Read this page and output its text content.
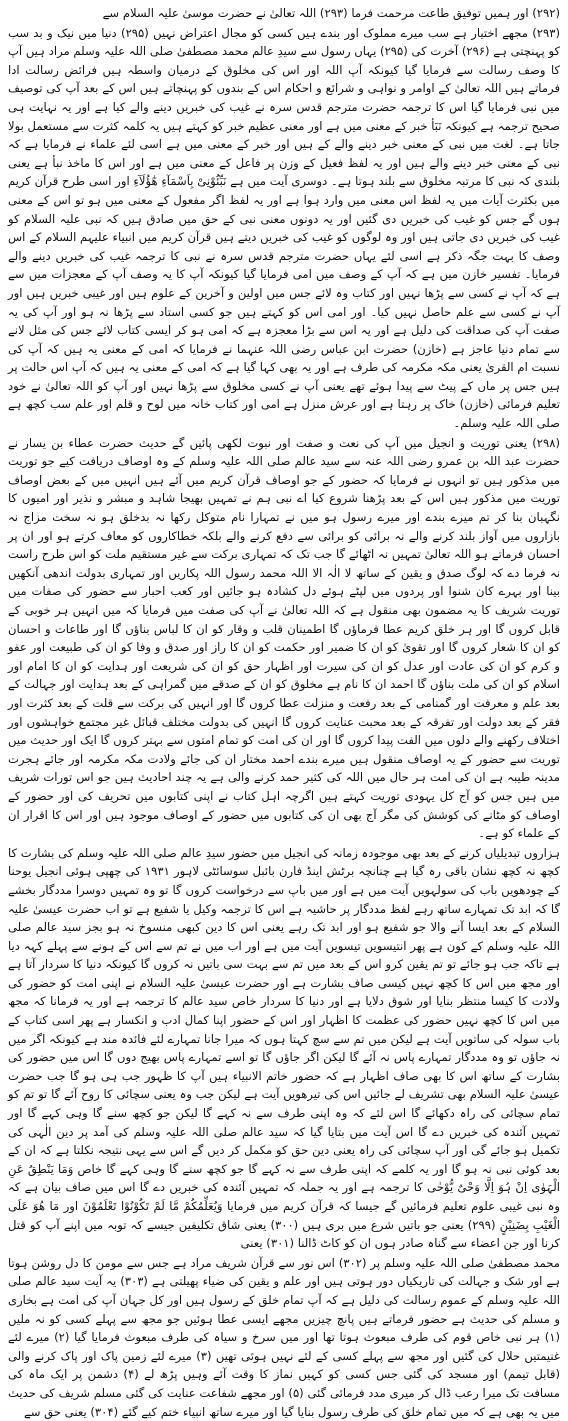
(۲۹۲) اور ہمیں توفیق طاعت مرحمت فرما (۲۹۳) اللہ تعالیٰ نے حضرت موسیٰ علیہ السلام سے

(۲۹۳) مجھے اختیار ہے سب میرے مملوک اور بندے ہیں کسی کو مجال اعتراض نہیں (۲۹۵) دنیا میں نیک و بد سب کو پہنچتی ہے (۲۹۶) آخرت کی (۲۹۵) یہاں رسول سے سیدِ عالم محمد مصطفیٰ صلی اللہ علیہ وسلم مراد ہیں آپ کا وصف رسالت سے فرمایا گیا کیونکہ آپ اللہ اور اس کی مخلوق کے درمیان واسطہ ہیں فرائض رسالت ادا فرماتے ہیں اللہ تعالیٰ کے اوامر و نواہی و شرائع و احکام اس کے بندوں کو پہنچاتے ہیں اس کے بعد آپ کی توصیف میں نبی فرمایا گیا اس کا ترجمہ حضرت مترجم قدس سرہ نے غیب کی خبریں دینے والے کیا ہے اور یہ نہایت ہی صحیح ترجمہ ہے کیونکہ نَبَأ خبر کے معنی میں ہے اور معنی عظیم خبر کو کہتے ہیں یہ کلمہ کثرت سے مستعمل بولا جاتا ہے۔ لغت میں نبی کے معنی خبر دینے والے کے ہیں اور خبر کے معنی میں ہے اسی لئے علماء نے فرمایا ہے کہ نبی کے معنی خبر دینے والے ہیں اور یہ لفظ فعیل کے وزن پر فاعل کے معنی میں ہے اور اس کا ماخذ نبأ ہے یعنی بلندی کہ نبی کا مرتبہ مخلوق سے بلند ہوتا ہے۔ دوسری آیت میں ہے نَبِّئُوْنِیْ بِاَسْمَآءِ ھٰٓؤُلَآءِ اور اسی طرح قرآن کریم میں بکثرت آیات میں یہ لفظ اس معنی میں وارد ہوا ہے اور یہ لفظ اگر مفعول کے معنی میں ہو تو اس کے معنی ہوں گے جس کو غیب کی خبریں دی گئیں اور یہ دونوں معنی نبی کے حق میں صادق ہیں کہ نبی علیہ السلام کو غیب کی خبریں دی جاتی ہیں اور وہ لوگوں کو غیب کی خبریں دیتے ہیں قرآن کریم میں انبیاء علیہم السلام کے اس وصف کا بہت جگہ ذکر ہے اسی لئے یہاں حضرت مترجم قدس سرہ نے نبی کا ترجمہ غیب کی خبریں دینے والے فرمایا۔ تفسیر خازن میں ہے کہ آپ کے وصف میں امی فرمایا گیا کیونکہ آپ کا یہ وصف آپ کے معجزات میں سے ہے کہ آپ نے کسی سے پڑھا نہیں اور کتاب وہ لائے جس میں اولین و آخرین کے علوم ہیں اور غیبی خبریں ہیں اور آپ نے کسی سے علم حاصل نہیں کیا۔ اور امی اس کو کہتے ہیں جو کسی استاد سے پڑھا نہ ہو اور آپ کی یہ صفت آپ کی صداقت کی دلیل ہے اور یہ اس سے بڑا معجزہ ہے کہ امی ہو کر ایسی کتاب لائے جس کی مثل لانے سے تمام دنیا عاجز ہے (خازن) حضرت ابن عباس رضی اللہ عنہما نے فرمایا کہ امی کے معنی یہ ہیں کہ آپ کی نسبت ام القریٰ یعنی مکہ مکرمہ کی طرف ہے اور یہ بھی کہا گیا ہے کہ امی کے معنی یہ ہیں کہ آپ اس حالت پر ہیں جس پر ماں کے پیٹ سے پیدا ہوئے تھے یعنی آپ نے کسی مخلوق سے پڑھا نہیں اور آپ کو اللہ تعالیٰ نے خود تعلیم فرمائی (خازن) خاک پر رہتا ہے اور عرش منزل ہے امی اور کتاب خانہ میں لوح و قلم اور علم سب کچھ ہے صلی اللہ علیہ وسلم۔

(۲۹۸) یعنی توریت و انجیل میں آپ کی نعت و صفت اور نبوت لکھی پائیں گے حدیث حضرت عطاء بن یسار نے حضرت عبد اللہ بن عمرو رضی اللہ عنہ سے سید عالم صلی اللہ علیہ وسلم کے وہ اوصاف دریافت کیے جو توریت میں مذکور ہیں تو انہوں نے فرمایا کہ حضور کے جو اوصاف قرآن کریم میں آئے ہیں انہیں میں کے بعض اوصاف توریت میں مذکور ہیں اس کے بعد پڑھنا شروع کیا اے نبی ہم نے تمہیں بھیجا شاہد و مبشر و نذیر اور امیوں کا نگہبان بنا کر تم میرے بندے اور میرے رسول ہو میں نے تمہارا نام متوکل رکھا نہ بدخلق ہو نہ سخت مزاج نہ بازاروں میں آواز بلند کرنے والے نہ برائی کو برائی سے دفع کرنے والے بلکہ خطاکاروں کو معاف کرتے ہو اور ان پر احسان فرماتے ہو اللہ تعالیٰ تمہیں نہ اٹھائے گا جب تک کہ تمہاری برکت سے غیر مستقیم ملت کو اس طرح راست نہ فرما دے کہ لوگ صدق و یقین کے ساتھ لا الٰہ الا اللہ محمد رسول اللہ پکاریں اور تمہاری بدولت اندھی آنکھیں بینا اور بہرے کان شنوا اور پردوں میں لپٹے ہوئے دل کشادہ ہو جائیں اور کعب احبار سے حضور کی صفات میں توریت شریف کا یہ مضمون بھی منقول ہے کہ اللہ تعالیٰ نے آپ کی صفت میں فرمایا کہ میں انہیں ہر خوبی کے قابل کروں گا اور ہر خلق کریم عطا فرماؤں گا اطمینان قلب و وقار کو ان کا لباس بناؤں گا اور طاعات و احسان کو ان کا شعار کروں گا اور تقویٰ کو ان کا ضمیر اور حکمت کو ان کا راز اور صدق و وفا کو ان کی طبیعت اور عفو و کرم کو ان کی عادت اور عدل کو ان کی سیرت اور اظہار حق کو ان کی شریعت اور ہدایت کو ان کا امام اور اسلام کو ان کی ملت بناؤں گا احمد ان کا نام ہے مخلوق کو ان کے صدقے میں گمراہی کے بعد ہدایت اور جہالت کے بعد علم و معرفت اور گمنامی کے بعد رفعت و منزلت عطا کروں گا اور انہیں کی برکت سے قلت کے بعد کثرت اور فقر کے بعد دولت اور تفرقہ کے بعد محبت عنایت کروں گا انہیں کی بدولت مختلف قبائل غیر مجتمع خواہشوں اور اختلاف رکھنے والے دلوں میں الفت پیدا کروں گا اور ان کی امت کو تمام امتوں سے بہتر کروں گا ایک اور حدیث میں توریت سے حضور کے یہ اوصاف منقول ہیں میرے بندے احمد مختار ان کی جائے ولادت مکہ مکرمہ اور جائے ہجرت مدینہ طیبہ ہے ان کی امت ہر حال میں اللہ کی کثیر حمد کرنے والی ہے یہ چند احادیث ہیں جو اس تورات شریف میں ہیں جس کو آج کل یہودی توریت کہتے ہیں اگرچہ اہل کتاب نے اپنی کتابوں میں تحریف کی اور حضور کے اوصاف کو مٹانے کی کوشش کی مگر آج بھی ان کی کتابوں میں حضور کے اوصاف موجود ہیں اور اس کا اقرار ان کے علماء کو ہے۔

ہزاروں تبدیلیاں کرنے کے بعد بھی موجودہ زمانہ کی انجیل میں حضور سیدِ عالم صلی اللہ علیہ وسلم کی بشارت کا کچھ نہ کچھ نشان باقی رہ گیا ہے چنانچہ برٹش اینڈ فارن بائبل سوسائٹی لاہور ۱۹۳۱ کی چھپی ہوئی انجیل یوحنا کے چودھویں باب کی سولہویں آیت میں ہے اور میں باپ سے درخواست کروں گا تو وہ تمہیں دوسرا مددگار بخشے گا کہ ابد تک تمہارے ساتھ رہے لفظ مددگار پر حاشیہ ہے اس کا ترجمہ وکیل یا شفیع ہے تو اب حضرت عیسیٰ علیہ السلام کے بعد ایسا آنے والا جو شفیع ہو اور ابد تک رہے یعنی اس کا دین کبھی منسوخ نہ ہو بجز سید عالم صلی اللہ علیہ وسلم کے کون ہے پھر انتیسویں تیسویں آیت میں ہے اور اب میں نے تم سے اس کے ہونے سے پہلے کہہ دیا ہے تاکہ جب ہو جائے تو تم یقین کرو اس کے بعد میں تم سے بہت سی باتیں نہ کروں گا کیونکہ دنیا کا سردار آتا ہے اور مجھ میں اس کا کچھ نہیں کیسی صاف بشارت ہے اور حضرت عیسیٰ علیہ السلام نے اپنی امت کو حضور کی ولادت کا کیسا منتظر بنایا اور شوق دلایا ہے اور دنیا کا سردار خاص سید عالم کا ترجمہ ہے اور یہ فرمانا کہ مجھ میں اس کا کچھ نہیں حضور کی عظمت کا اظہار اور اس کے حضور اپنا کمال ادب و انکسار ہے پھر اسی کتاب کے باب سولہ کی ساتویں آیت ہے لیکن میں تم سے سچ کہتا ہوں کہ میرا جانا تمہارے لئے فائدہ مند ہے کیونکہ اگر میں نہ جاؤں تو وہ مددگار تمہارے پاس نہ آئے گا لیکن اگر جاؤں گا تو اسے تمہارے پاس بھیج دوں گا اس میں حضور کی بشارت کے ساتھ اس کا بھی صاف اظہار ہے کہ حضور خاتم الانبیاء ہیں آپ کا ظہور جب ہی ہو گا جب حضرت عیسیٰ علیہ السلام بھی تشریف لے جائیں اس کی تیرھویں آیت ہے لیکن جب وہ یعنی سچائی کا روح آئے گا تو تم کو تمام سچائی کی راہ دکھائے گا اس لئے کہ وہ اپنی طرف سے نہ کہے گا لیکن جو کچھ سنے گا وہی کہے گا اور تمہیں آئندہ کی خبریں دے گا اس آیت میں بتایا گیا کہ سید عالم صلی اللہ علیہ وسلم کی آمد پر دین الٰہی کی تکمیل ہو جائے گی اور آپ سچائی کی راہ یعنی دین حق کو مکمل کر دیں گے اس سے یہی نتیجہ نکلتا ہے کہ ان کے بعد کوئی نبی نہ ہو گا اور یہ کلمے کہ اپنی طرف سے نہ کہے گا جو کچھ سنے گا وہی کہے گا خاص وَمَا یَنْطِقُ عَنِ الْہَوٰی اِنْ ہُوَ اِلَّا وَحْیٌ یُّوْحٰی کا ترجمہ ہے اور یہ جملہ کہ تمہیں آئندہ کی خبریں دے گا اس میں صاف بیان ہے کہ وہ نبی غیبی علوم تعلیم فرمائیں گے جیسا کہ قرآن کریم میں فرمایا وَیُعَلِّمُکُمْ مَّا لَمْ تَکُوْنُوْا تَعْلَمُوْنَ اور مَا ھُوَ عَلَی الْغَیْبِ بِضَنِیْنٍ (۲۹۹) یعنی جو باتیں شرع میں بری ہیں (۳۰۰) یعنی شاق تکلیفیں جیسے کہ توبہ میں اپنے آپ کو قتل کرنا اور جن اعضاء سے گناہ صادر ہوں ان کو کاٹ ڈالنا (۳۰۱) یعنی

محمد مصطفیٰ صلی اللہ علیہ وسلم پر (۳۰۲) اس نور سے قرآن شریف مراد ہے جس سے مومن کا دل روشن ہوتا ہے اور شک و جہالت کی تاریکیاں دور ہوتی ہیں اور علم و یقین کی ضیاء پھیلتی ہے (۳۰۳) یہ آیت سید عالم صلی اللہ علیہ وسلم کے عموم رسالت کی دلیل ہے کہ آپ تمام خلق کے رسول ہیں اور کل جہان آپ کی امت ہے بخاری و مسلم کی حدیث ہے حضور فرماتے ہیں پانچ چیزیں مجھے ایسی عطا ہوئیں جو مجھ سے پہلے کسی کو نہ ملیں (۱) ہر نبی خاص قوم کی طرف مبعوث ہوتا تھا اور میں سرخ و سیاہ کی طرف مبعوث فرمایا گیا (۲) میرے لئے غنیمتیں حلال کی گئیں اور مجھ سے پہلے کسی کے لئے نہیں ہوئی تھیں (۳) میرے لئے زمین پاک اور پاک کرنے والی (قابل تیمم) اور مسجد کی گئی جس کسی کو کہیں نماز کا وقت آئے وہیں پڑھ لے (۴) دشمن پر ایک ماہ کی مسافت تک میرا رعب ڈال کر میری مدد فرمائی گئی (۵) اور مجھے شفاعت عنایت کی گئی مسلم شریف کی حدیث میں یہ بھی ہے کہ میں تمام خلق کی طرف رسول بنایا گیا اور میرے ساتھ انبیاء ختم کیے گئے (۳۰۴) یعنی حق سے
